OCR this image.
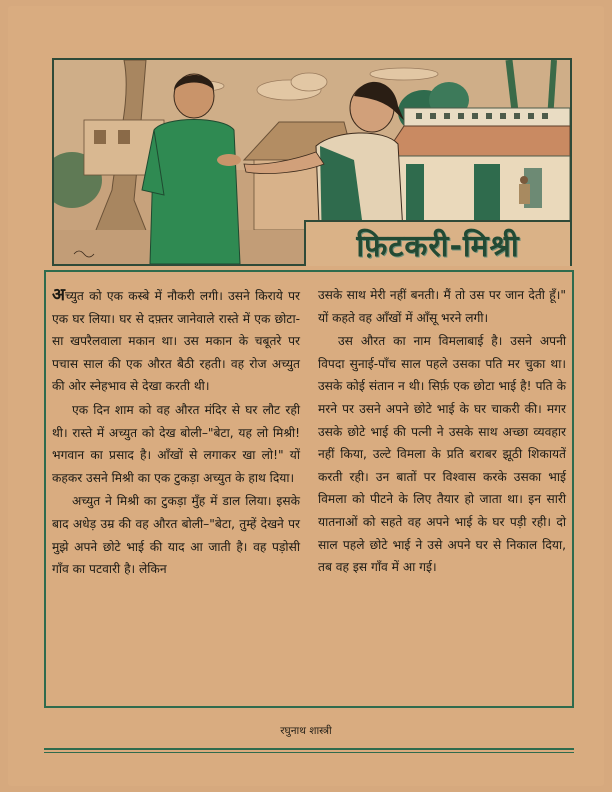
फ़िटकरी-मिश्री

अच्युत को एक कस्बे में नौकरी लगी। उसने किराये पर एक घर लिया। घर से दफ़्तर जानेवाले रास्ते में एक छोटा-सा खपरैलवाला मकान था। उस मकान के चबूतरे पर पचास साल की एक औरत बैठी रहती। वह रोज अच्युत की ओर स्नेहभाव से देखा करती थी।

एक दिन शाम को वह औरत मंदिर से घर लौट रही थी। रास्ते में अच्युत को देख बोली–"बेटा, यह लो मिश्री! भगवान का प्रसाद है। आँखों से लगाकर खा लो!" यों कहकर उसने मिश्री का एक टुकड़ा अच्युत के हाथ दिया।

अच्युत ने मिश्री का टुकड़ा मुँह में डाल लिया। इसके बाद अधेड़ उम्र की वह औरत बोली–"बेटा, तुम्हें देखने पर मुझे अपने छोटे भाई की याद आ जाती है। वह पड़ोसी गाँव का पटवारी है। लेकिन

उसके साथ मेरी नहीं बनती। मैं तो उस पर जान देती हूँ।" यों कहते वह आँखों में आँसू भरने लगी।

उस औरत का नाम विमलाबाई है। उसने अपनी विपदा सुनाई-पाँच साल पहले उसका पति मर चुका था। उसके कोई संतान न थी। सिर्फ़ एक छोटा भाई है! पति के मरने पर उसने अपने छोटे भाई के घर चाकरी की। मगर उसके छोटे भाई की पत्नी ने उसके साथ अच्छा व्यवहार नहीं किया, उल्टे विमला के प्रति बराबर झूठी शिकायतें करती रही। उन बातों पर विश्वास करके उसका भाई विमला को पीटने के लिए तैयार हो जाता था। इन सारी यातनाओं को सहते वह अपने भाई के घर पड़ी रही। दो साल पहले छोटे भाई ने उसे अपने घर से निकाल दिया, तब वह इस गाँव में आ गई।

रघुनाथ शास्त्री
